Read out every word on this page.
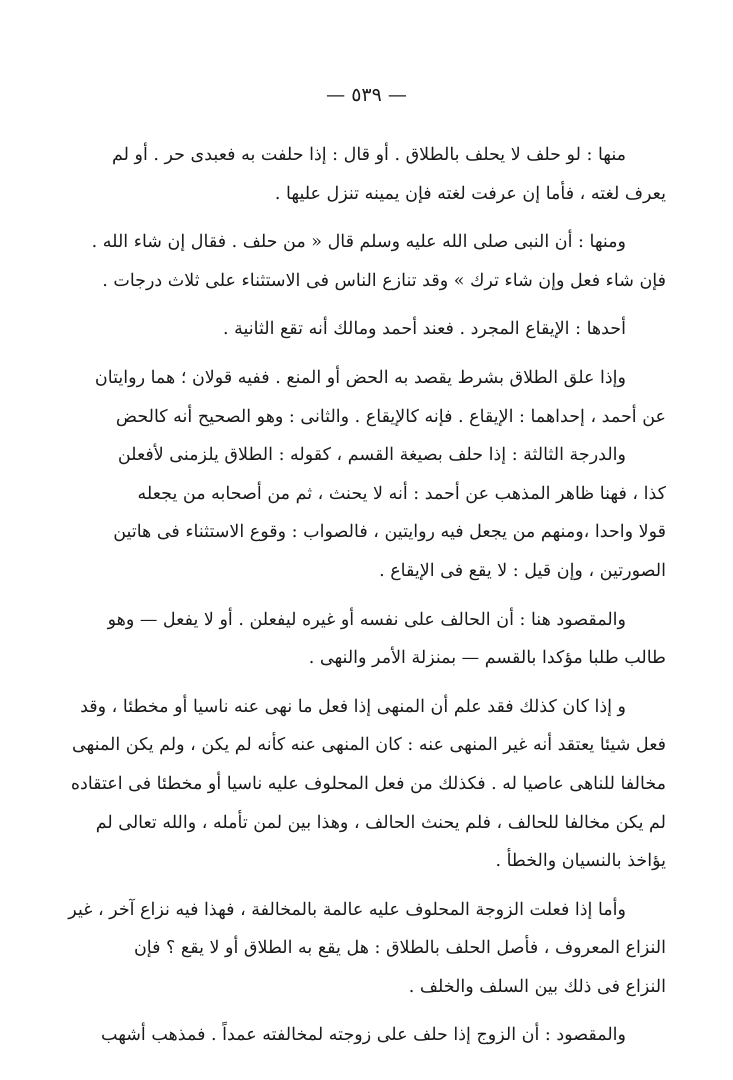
— ٥٣٩ —
منها : لو حلف لا يحلف بالطلاق . أو قال : إذا حلفت به فعبدى حر . أو لم
يعرف لغته ، فأما إن عرفت لغته فإن يمينه تنزل عليها .
ومنها : أن النبى صلى الله عليه وسلم قال « من حلف . فقال إن شاء الله .
فإن شاء فعل وإن شاء ترك » وقد تنازع الناس فى الاستثناء على ثلاث درجات .
أحدها : الإيقاع المجرد . فعند أحمد ومالك أنه تقع الثانية .
وإذا علق الطلاق بشرط يقصد به الحض أو المنع . ففيه قولان ؛ هما روايتان
عن أحمد ، إحداهما : الإيقاع . فإنه كالإيقاع . والثانى : وهو الصحيح أنه كالحض
والدرجة الثالثة : إذا حلف بصيغة القسم ، كقوله : الطلاق يلزمنى لأفعلن
كذا ، فهنا ظاهر المذهب عن أحمد : أنه لا يحنث ، ثم من أصحابه من يجعله
قولا واحدا ،ومنهم من يجعل فيه روايتين ، فالصواب : وقوع الاستثناء فى هاتين
الصورتين ، وإن قيل : لا يقع فى الإيقاع .
والمقصود هنا : أن الحالف على نفسه أو غيره ليفعلن . أو لا يفعل — وهو
طالب طلبا مؤكدا بالقسم — بمنزلة الأمر والنهى .
و إذا كان كذلك فقد علم أن المنهى إذا فعل ما نهى عنه ناسيا أو مخطئا ، وقد
فعل شيئا يعتقد أنه غير المنهى عنه : كان المنهى عنه كأنه لم يكن ، ولم يكن المنهى
مخالفا للناهى عاصيا له . فكذلك من فعل المحلوف عليه ناسيا أو مخطئا فى اعتقاده
لم يكن مخالفا للحالف ، فلم يحنث الحالف ، وهذا بين لمن تأمله ، والله تعالى لم
يؤاخذ بالنسيان والخطأ .
وأما إذا فعلت الزوجة المحلوف عليه عالمة بالمخالفة ، فهذا فيه نزاع آخر ، غير
النزاع المعروف ، فأصل الحلف بالطلاق : هل يقع به الطلاق أو لا يقع ؟ فإن
النزاع فى ذلك بين السلف والخلف .
والمقصود : أن الزوج إذا حلف على زوجته لمخالفته عمداً . فمذهب أشهب
